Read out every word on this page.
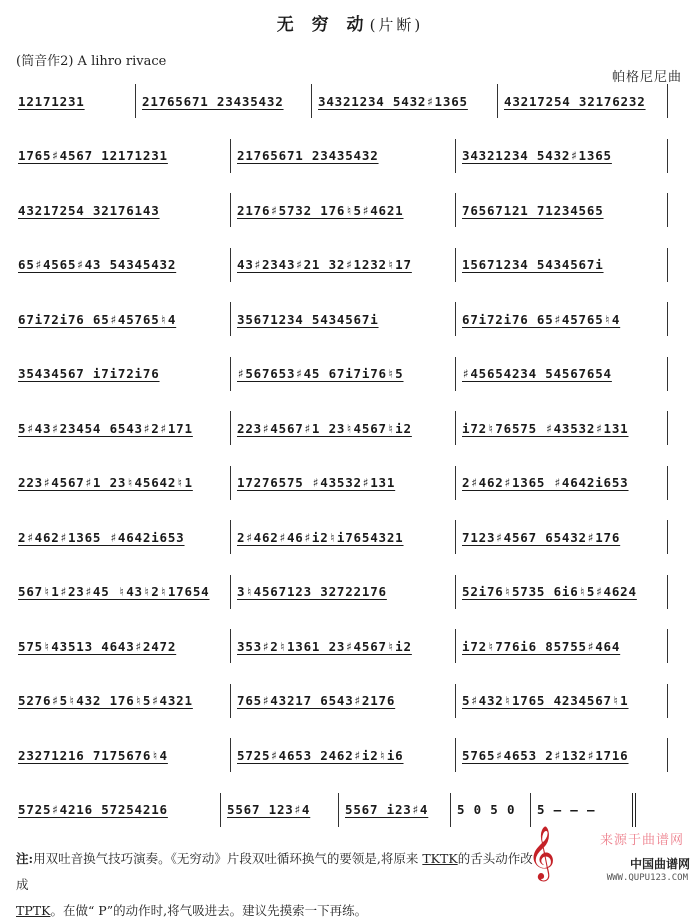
无 穷 动(片断)
(筒音作2) A lihro rivace
帕格尼尼曲
12171231	21765671 23435432	34321234 5432♯1365	43217254 32176232
1765♯4567 12171231	21765671 23435432	34321234 5432♯1365
43217254 32176143	2176♯5732 176♮5♯4621	76567121 71234565
65♯4565♯43 54345432	43♯2343♯21 32♯1232♮17	15671234 5434567i
67i72i76 65♯45765♮4	35671234 5434567i	67i72i76 65♯45765♮4
35434567 i7i72i76	♯567653♯45 67i7i76♮5	♯45654234 54567654
5♯43♯23454 6543♯2♯171	223♯4567♯1 23♮4567♮i2	i72♮76575 ♯43532♯131
223♯4567♯1 23♮45642♮1	17276575 ♯43532♯131	2♯462♯1365 ♯4642i653
2♯462♯1365 ♯4642i653	2♯462♯46♯i2♮i7654321	7123♯4567 65432♯176
567♮1♯23♯45 ♮43♮2♮17654 3♮4567123 32722176	52i76♮5735 6i6♮5♯4624
575♮43513 4643♯2472	353♯2♮1361 23♯4567♮i2	i72♮776i6 85755♯464
5276♯5♮432 176♮5♯4321	765♯43217 6543♯2176	5♯432♮1765 4234567♮1
23271216 7175676♮4	5725♯4653 2462♯i2♮i6	5765♯4653 2♯132♯1716
5725♯4216 57254216	5567 123♯4	5567 i23♯4 5 0 5 0 5 — — —
注:用双吐音换气技巧演奏。《无穷动》片段双吐循环换气的要领是,将原来 TKTK的舌头动作改成
TPTK。在做“ P”的动作时,将气吸进去。建议先摸索一下再练。
𝄞	来源于曲谱网
中国曲谱网
WWW.QUPU123.COM
